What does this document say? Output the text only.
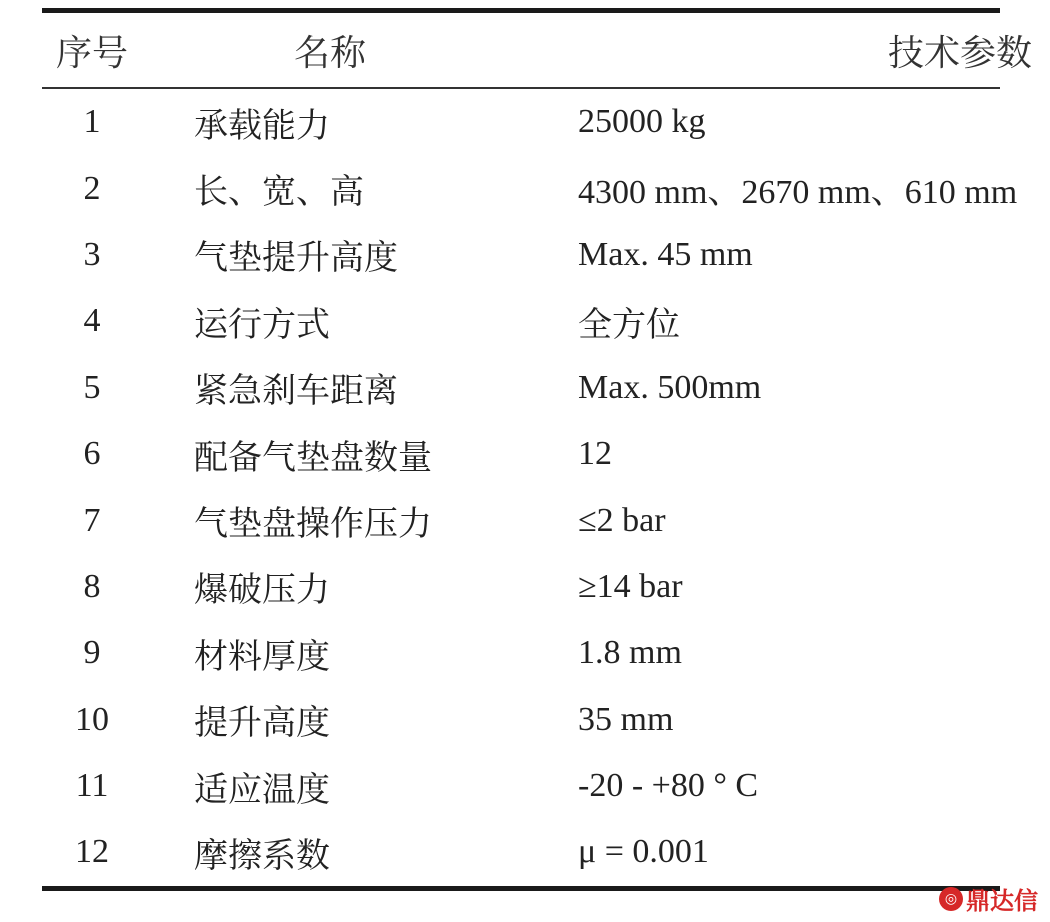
序号	名称	技术参数
1	承载能力	25000 kg
2	长、宽、高	4300 mm、2670 mm、610 mm
3	气垫提升高度	Max. 45 mm
4	运行方式	全方位
5	紧急刹车距离	Max. 500mm
6	配备气垫盘数量	12
7	气垫盘操作压力	≤2 bar
8	爆破压力	≥14 bar
9	材料厚度	1.8 mm
10	提升高度	35 mm
11	适应温度	-20 - +80 ° C
12	摩擦系数	μ = 0.001
◎ 鼎达信
